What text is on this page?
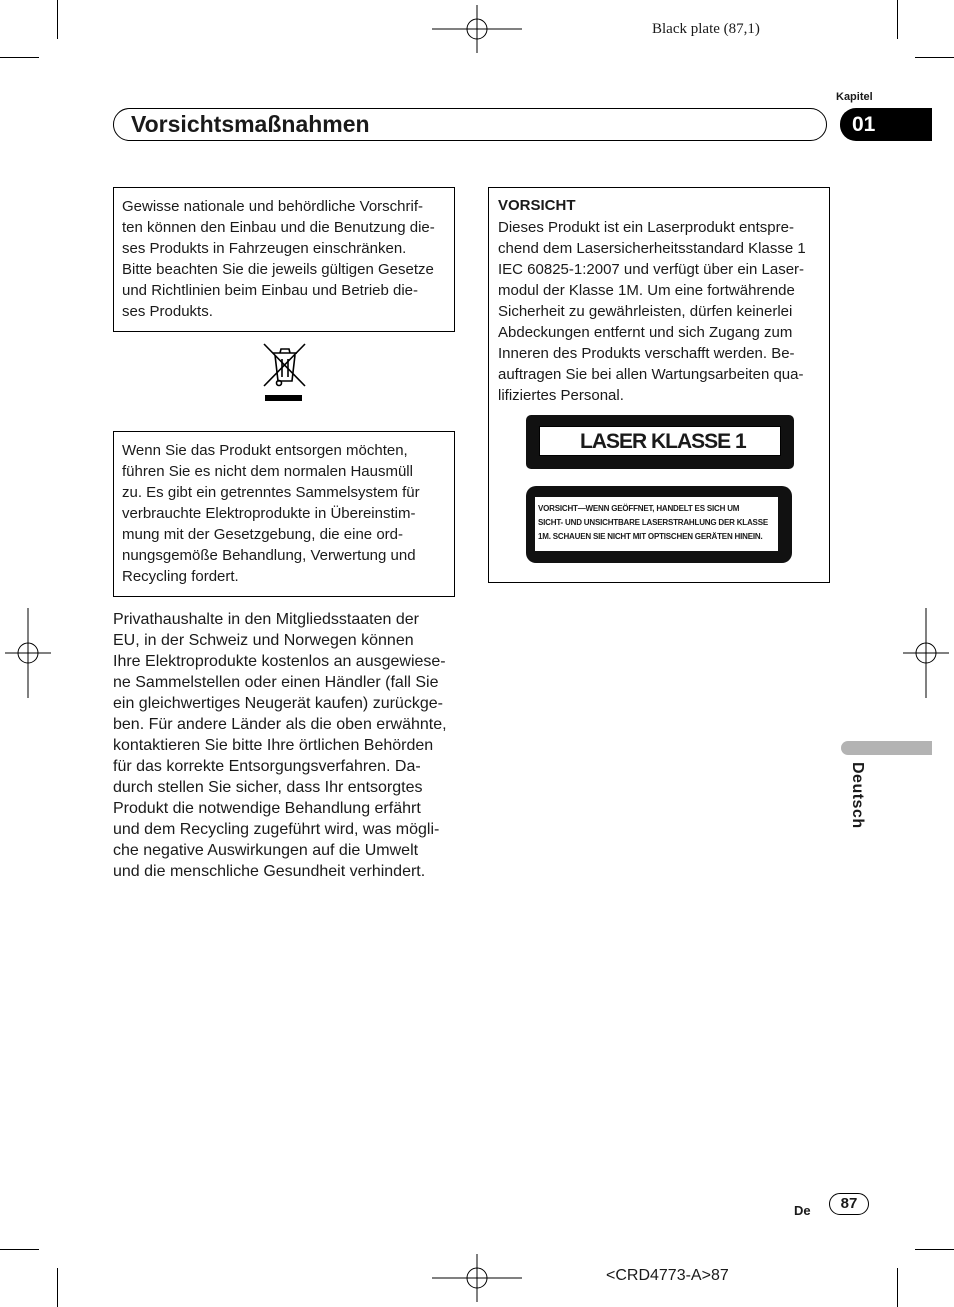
Black plate (87,1)
Kapitel
Vorsichtsmaßnahmen	01
Gewisse nationale und behördliche Vorschrif-
ten können den Einbau und die Benutzung die-
ses Produkts in Fahrzeugen einschränken.
Bitte beachten Sie die jeweils gültigen Gesetze
und Richtlinien beim Einbau und Betrieb die-
ses Produkts.
Wenn Sie das Produkt entsorgen möchten,
führen Sie es nicht dem normalen Hausmüll
zu. Es gibt ein getrenntes Sammelsystem für
verbrauchte Elektroprodukte in Übereinstim-
mung mit der Gesetzgebung, die eine ord-
nungsgemöße Behandlung, Verwertung und
Recycling fordert.
Privathaushalte in den Mitgliedsstaaten der
EU, in der Schweiz und Norwegen können
Ihre Elektroprodukte kostenlos an ausgewiese-
ne Sammelstellen oder einen Händler (fall Sie
ein gleichwertiges Neugerät kaufen) zurückge-
ben. Für andere Länder als die oben erwähnte,
kontaktieren Sie bitte Ihre örtlichen Behörden
für das korrekte Entsorgungsverfahren. Da-
durch stellen Sie sicher, dass Ihr entsorgtes
Produkt die notwendige Behandlung erfährt
und dem Recycling zugeführt wird, was mögli-
che negative Auswirkungen auf die Umwelt
und die menschliche Gesundheit verhindert.
VORSICHT
Dieses Produkt ist ein Laserprodukt entspre-
chend dem Lasersicherheitsstandard Klasse 1
IEC 60825-1:2007 und verfügt über ein Laser-
modul der Klasse 1M. Um eine fortwährende
Sicherheit zu gewährleisten, dürfen keinerlei
Abdeckungen entfernt und sich Zugang zum
Inneren des Produkts verschafft werden. Be-
auftragen Sie bei allen Wartungsarbeiten qua-
lifiziertes Personal.
LASER KLASSE 1
VORSICHT—WENN GEÖFFNET, HANDELT ES SICH UM
SICHT- UND UNSICHTBARE LASERSTRAHLUNG DER KLASSE
1M. SCHAUEN SIE NICHT MIT OPTISCHEN GERÄTEN HINEIN.
Deutsch
De	87
<CRD4773-A>87
